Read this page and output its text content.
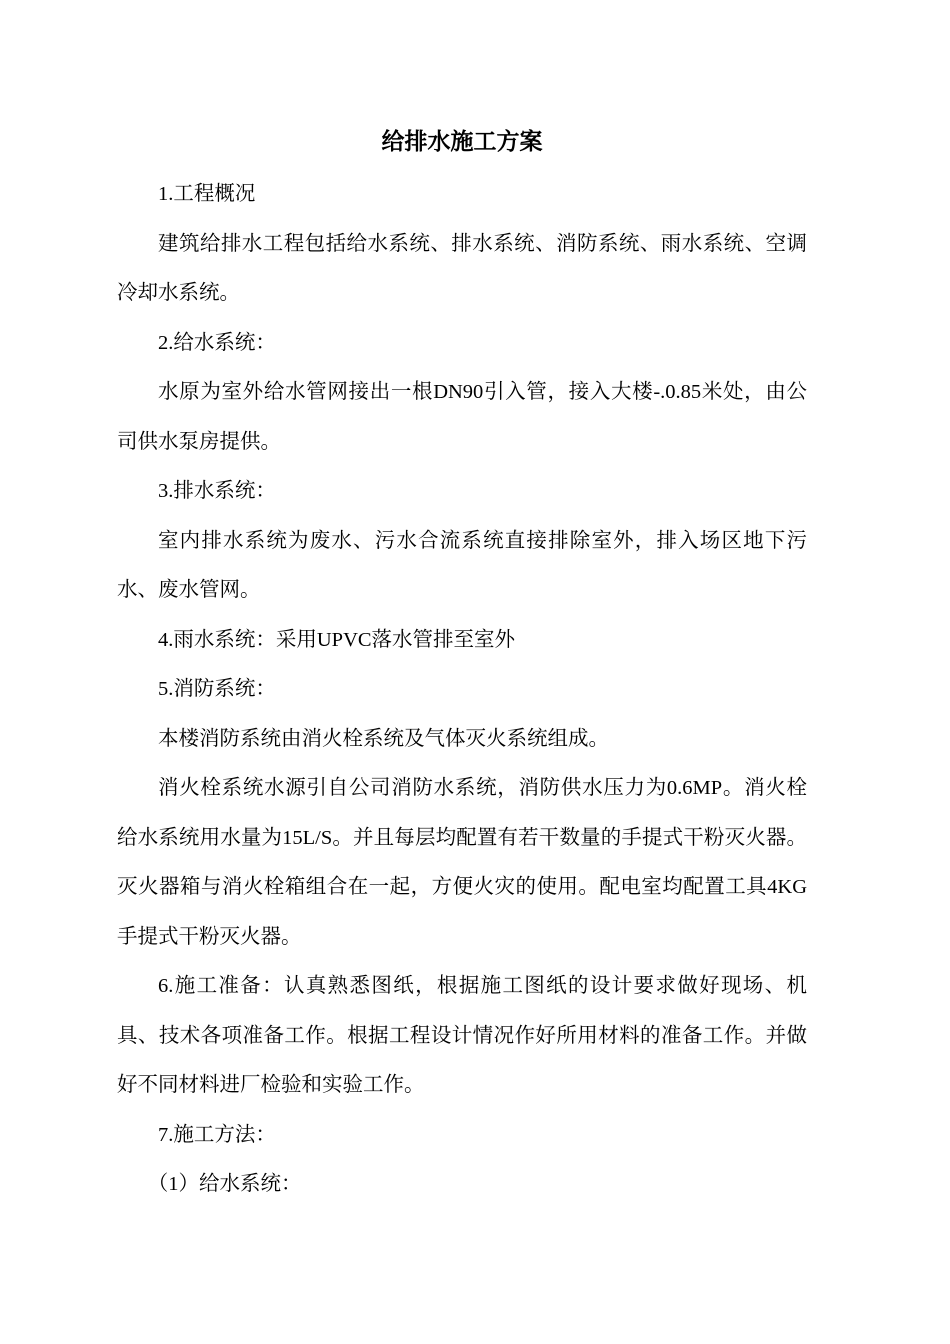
给排水施工方案

1.工程概况

建筑给排水工程包括给水系统、排水系统、消防系统、雨水系统、空调冷却水系统。

2.给水系统：

水原为室外给水管网接出一根DN90引入管，接入大楼-.0.85米处，由公司供水泵房提供。

3.排水系统：

室内排水系统为废水、污水合流系统直接排除室外，排入场区地下污水、废水管网。

4.雨水系统：采用UPVC落水管排至室外

5.消防系统：

本楼消防系统由消火栓系统及气体灭火系统组成。

消火栓系统水源引自公司消防水系统，消防供水压力为0.6MP。消火栓给水系统用水量为15L/S。并且每层均配置有若干数量的手提式干粉灭火器。灭火器箱与消火栓箱组合在一起，方便火灾的使用。配电室均配置工具4KG手提式干粉灭火器。

6.施工准备：认真熟悉图纸，根据施工图纸的设计要求做好现场、机具、技术各项准备工作。根据工程设计情况作好所用材料的准备工作。并做好不同材料进厂检验和实验工作。

7.施工方法：

（1）给水系统：
